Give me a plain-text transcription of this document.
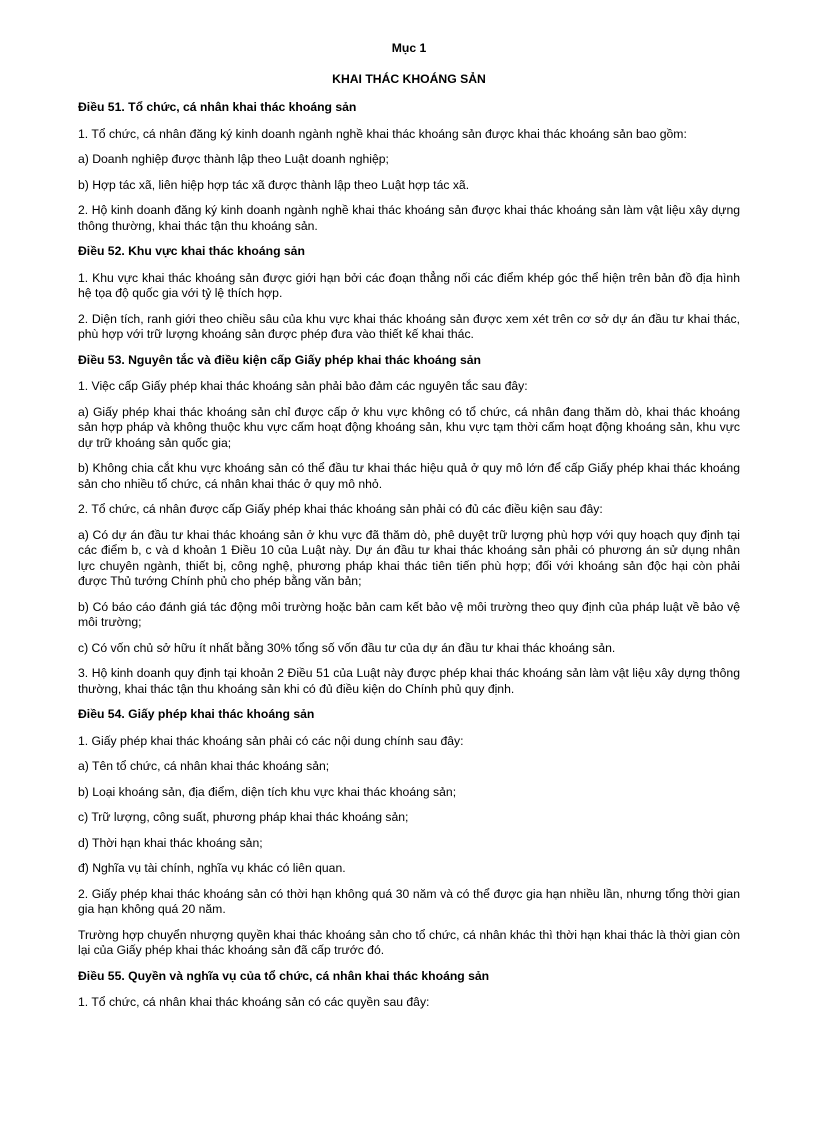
Mục 1
KHAI THÁC KHOÁNG SẢN
Điều 51. Tổ chức, cá nhân khai thác khoáng sản
1. Tổ chức, cá nhân đăng ký kinh doanh ngành nghề khai thác khoáng sản được khai thác khoáng sản bao gồm:
a) Doanh nghiệp được thành lập theo Luật doanh nghiệp;
b) Hợp tác xã, liên hiệp hợp tác xã được thành lập theo Luật hợp tác xã.
2. Hộ kinh doanh đăng ký kinh doanh ngành nghề khai thác khoáng sản được khai thác khoáng sản làm vật liệu xây dựng thông thường, khai thác tận thu khoáng sản.
Điều 52. Khu vực khai thác khoáng sản
1. Khu vực khai thác khoáng sản được giới hạn bởi các đoạn thẳng nối các điểm khép góc thể hiện trên bản đồ địa hình hệ tọa độ quốc gia với tỷ lệ thích hợp.
2. Diện tích, ranh giới theo chiều sâu của khu vực khai thác khoáng sản được xem xét trên cơ sở dự án đầu tư khai thác, phù hợp với trữ lượng khoáng sản được phép đưa vào thiết kế khai thác.
Điều 53. Nguyên tắc và điều kiện cấp Giấy phép khai thác khoáng sản
1. Việc cấp Giấy phép khai thác khoáng sản phải bảo đảm các nguyên tắc sau đây:
a) Giấy phép khai thác khoáng sản chỉ được cấp ở khu vực không có tổ chức, cá nhân đang thăm dò, khai thác khoáng sản hợp pháp và không thuộc khu vực cấm hoạt động khoáng sản, khu vực tạm thời cấm hoạt động khoáng sản, khu vực dự trữ khoáng sản quốc gia;
b) Không chia cắt khu vực khoáng sản có thể đầu tư khai thác hiệu quả ở quy mô lớn để cấp Giấy phép khai thác khoáng sản cho nhiều tổ chức, cá nhân khai thác ở quy mô nhỏ.
2. Tổ chức, cá nhân được cấp Giấy phép khai thác khoáng sản phải có đủ các điều kiện sau đây:
a) Có dự án đầu tư khai thác khoáng sản ở khu vực đã thăm dò, phê duyệt trữ lượng phù hợp với quy hoạch quy định tại các điểm b, c và d khoản 1 Điều 10 của Luật này. Dự án đầu tư khai thác khoáng sản phải có phương án sử dụng nhân lực chuyên ngành, thiết bị, công nghệ, phương pháp khai thác tiên tiến phù hợp; đối với khoáng sản độc hại còn phải được Thủ tướng Chính phủ cho phép bằng văn bản;
b) Có báo cáo đánh giá tác động môi trường hoặc bản cam kết bảo vệ môi trường theo quy định của pháp luật về bảo vệ môi trường;
c) Có vốn chủ sở hữu ít nhất bằng 30% tổng số vốn đầu tư của dự án đầu tư khai thác khoáng sản.
3. Hộ kinh doanh quy định tại khoản 2 Điều 51 của Luật này được phép khai thác khoáng sản làm vật liệu xây dựng thông thường, khai thác tận thu khoáng sản khi có đủ điều kiện do Chính phủ quy định.
Điều 54. Giấy phép khai thác khoáng sản
1. Giấy phép khai thác khoáng sản phải có các nội dung chính sau đây:
a) Tên tổ chức, cá nhân khai thác khoáng sản;
b) Loại khoáng sản, địa điểm, diện tích khu vực khai thác khoáng sản;
c) Trữ lượng, công suất, phương pháp khai thác khoáng sản;
d) Thời hạn khai thác khoáng sản;
đ) Nghĩa vụ tài chính, nghĩa vụ khác có liên quan.
2. Giấy phép khai thác khoáng sản có thời hạn không quá 30 năm và có thể được gia hạn nhiều lần, nhưng tổng thời gian gia hạn không quá 20 năm.
Trường hợp chuyển nhượng quyền khai thác khoáng sản cho tổ chức, cá nhân khác thì thời hạn khai thác là thời gian còn lại của Giấy phép khai thác khoáng sản đã cấp trước đó.
Điều 55. Quyền và nghĩa vụ của tổ chức, cá nhân khai thác khoáng sản
1. Tổ chức, cá nhân khai thác khoáng sản có các quyền sau đây:
